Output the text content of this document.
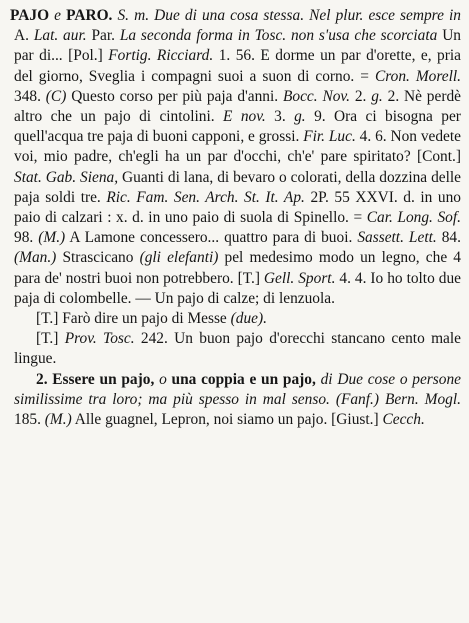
PAJO e PARO. S. m. Due di una cosa stessa. Nel plur. esce sempre in A. Lat. aur. Par. La seconda forma in Tosc. non s'usa che scorciata Un par di... [Pol.] Fortig. Ricciard. 1. 56. E dorme un par d'orette, e, pria del giorno, Sveglia i compagni suoi a suon di corno. = Cron. Morell. 348. (C) Questo corso per più paja d'anni. Bocc. Nov. 2. g. 2. Nè perdè altro che un pajo di cintolini. E nov. 3. g. 9. Ora ci bisogna per quell'acqua tre paja di buoni capponi, e grossi. Fir. Luc. 4. 6. Non vedete voi, mio padre, ch'egli ha un par d'occhi, ch'e' pare spiritato? [Cont.] Stat. Gab. Siena, Guanti di lana, di bevaro o colorati, della dozzina delle paja soldi tre. Ric. Fam. Sen. Arch. St. It. Ap. 2P. 55 XXVI. d. in uno paio di calzari : x. d. in uno paio di suola di Spinello. = Car. Long. Sof. 98. (M.) A Lamone concessero... quattro para di buoi. Sassett. Lett. 84. (Man.) Strascicano (gli elefanti) pel medesimo modo un legno, che 4 para de' nostri buoi non potrebbero. [T.] Gell. Sport. 4. 4. Io ho tolto due paja di colombelle. — Un pajo di calze; di lenzuola.

[T.] Farò dire un pajo di Messe (due).

[T.] Prov. Tosc. 242. Un buon pajo d'orecchi stancano cento male lingue.

2. Essere un pajo, o una coppia e un pajo, di Due cose o persone similissime tra loro; ma più spesso in mal senso. (Fanf.) Bern. Mogl. 185. (M.) Alle guagnel, Lepron, noi siamo un pajo. [Giust.] Cecch.
